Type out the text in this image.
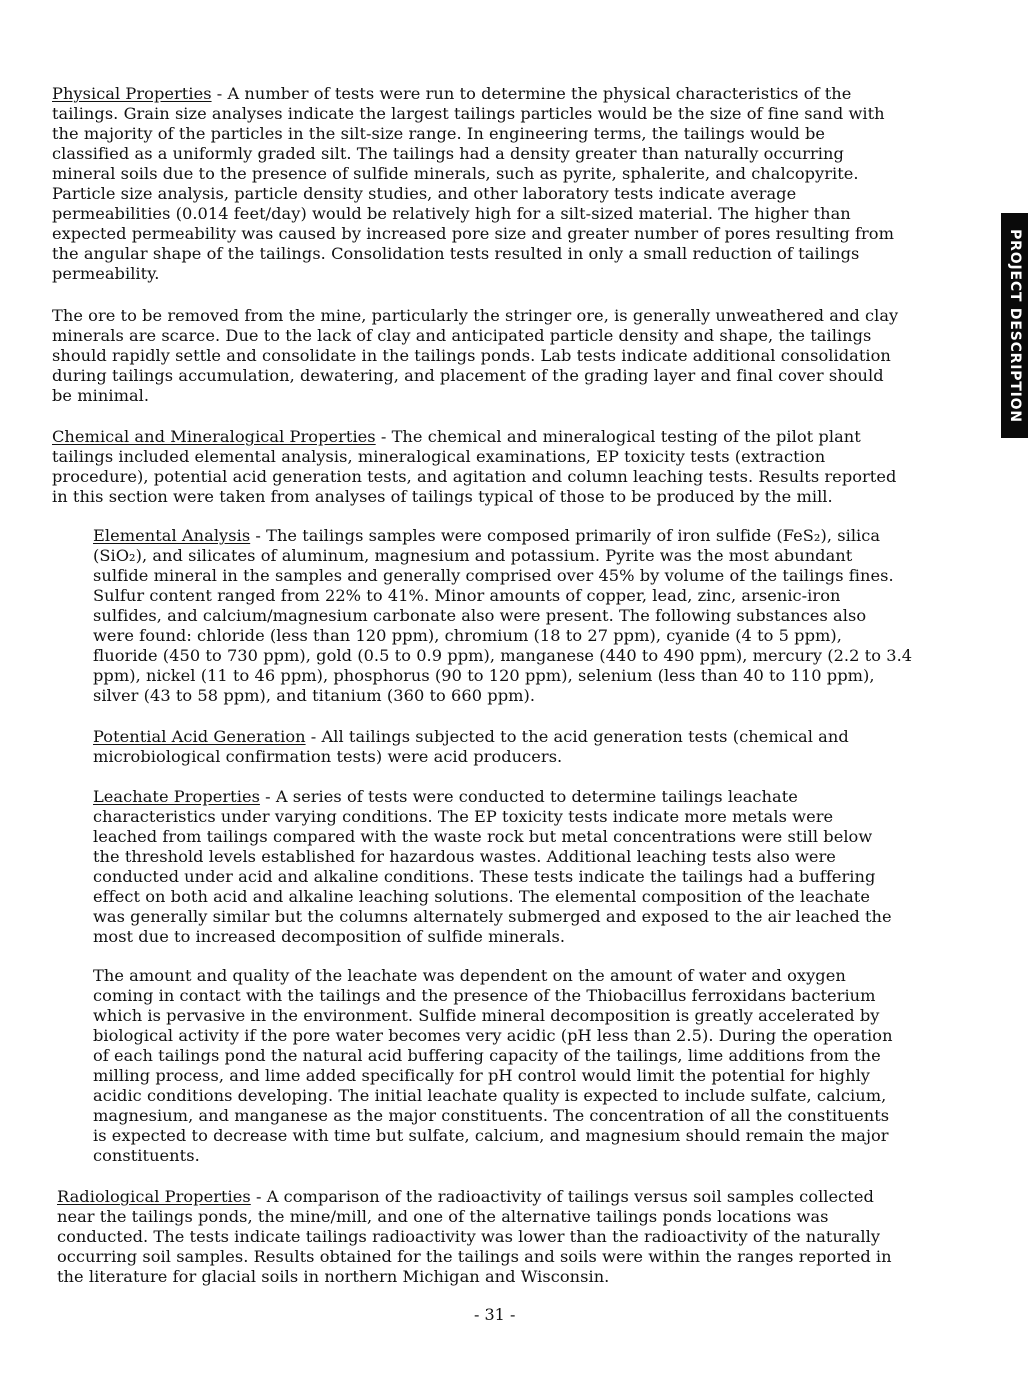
Physical Properties - A number of tests were run to determine the physical characteristics of the
tailings. Grain size analyses indicate the largest tailings particles would be the size of fine sand with
the majority of the particles in the silt-size range. In engineering terms, the tailings would be
classified as a uniformly graded silt. The tailings had a density greater than naturally occurring
mineral soils due to the presence of sulfide minerals, such as pyrite, sphalerite, and chalcopyrite.
Particle size analysis, particle density studies, and other laboratory tests indicate average
permeabilities (0.014 feet/day) would be relatively high for a silt-sized material. The higher than
expected permeability was caused by increased pore size and greater number of pores resulting from
the angular shape of the tailings. Consolidation tests resulted in only a small reduction of tailings
permeability.
The ore to be removed from the mine, particularly the stringer ore, is generally unweathered and clay
minerals are scarce. Due to the lack of clay and anticipated particle density and shape, the tailings
should rapidly settle and consolidate in the tailings ponds. Lab tests indicate additional consolidation
during tailings accumulation, dewatering, and placement of the grading layer and final cover should
be minimal.
Chemical and Mineralogical Properties - The chemical and mineralogical testing of the pilot plant
tailings included elemental analysis, mineralogical examinations, EP toxicity tests (extraction
procedure), potential acid generation tests, and agitation and column leaching tests. Results reported
in this section were taken from analyses of tailings typical of those to be produced by the mill.
Elemental Analysis - The tailings samples were composed primarily of iron sulfide (FeS₂), silica
(SiO₂), and silicates of aluminum, magnesium and potassium. Pyrite was the most abundant
sulfide mineral in the samples and generally comprised over 45% by volume of the tailings fines.
Sulfur content ranged from 22% to 41%. Minor amounts of copper, lead, zinc, arsenic-iron
sulfides, and calcium/magnesium carbonate also were present. The following substances also
were found: chloride (less than 120 ppm), chromium (18 to 27 ppm), cyanide (4 to 5 ppm),
fluoride (450 to 730 ppm), gold (0.5 to 0.9 ppm), manganese (440 to 490 ppm), mercury (2.2 to 3.4
ppm), nickel (11 to 46 ppm), phosphorus (90 to 120 ppm), selenium (less than 40 to 110 ppm),
silver (43 to 58 ppm), and titanium (360 to 660 ppm).
Potential Acid Generation - All tailings subjected to the acid generation tests (chemical and
microbiological confirmation tests) were acid producers.
Leachate Properties - A series of tests were conducted to determine tailings leachate
characteristics under varying conditions. The EP toxicity tests indicate more metals were
leached from tailings compared with the waste rock but metal concentrations were still below
the threshold levels established for hazardous wastes. Additional leaching tests also were
conducted under acid and alkaline conditions. These tests indicate the tailings had a buffering
effect on both acid and alkaline leaching solutions. The elemental composition of the leachate
was generally similar but the columns alternately submerged and exposed to the air leached the
most due to increased decomposition of sulfide minerals.
The amount and quality of the leachate was dependent on the amount of water and oxygen
coming in contact with the tailings and the presence of the Thiobacillus ferroxidans bacterium
which is pervasive in the environment. Sulfide mineral decomposition is greatly accelerated by
biological activity if the pore water becomes very acidic (pH less than 2.5). During the operation
of each tailings pond the natural acid buffering capacity of the tailings, lime additions from the
milling process, and lime added specifically for pH control would limit the potential for highly
acidic conditions developing. The initial leachate quality is expected to include sulfate, calcium,
magnesium, and manganese as the major constituents. The concentration of all the constituents
is expected to decrease with time but sulfate, calcium, and magnesium should remain the major
constituents.
Radiological Properties - A comparison of the radioactivity of tailings versus soil samples collected
near the tailings ponds, the mine/mill, and one of the alternative tailings ponds locations was
conducted. The tests indicate tailings radioactivity was lower than the radioactivity of the naturally
occurring soil samples. Results obtained for the tailings and soils were within the ranges reported in
the literature for glacial soils in northern Michigan and Wisconsin.
PROJECT DESCRIPTION
- 31 -
